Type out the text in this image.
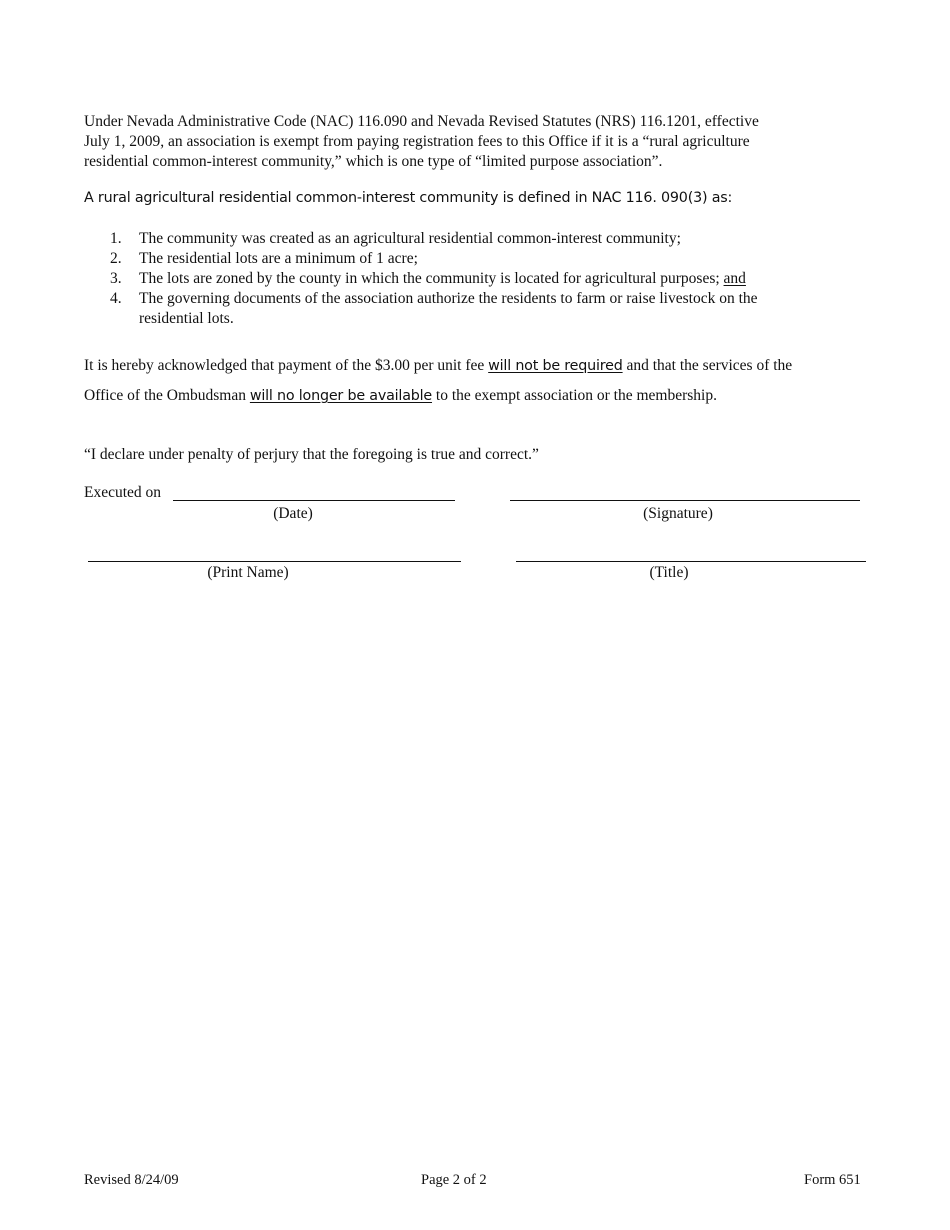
Under Nevada Administrative Code (NAC) 116.090 and Nevada Revised Statutes (NRS) 116.1201, effective
July 1, 2009, an association is exempt from paying registration fees to this Office if it is a “rural agriculture
residential common-interest community,” which is one type of “limited purpose association”.
A rural agricultural residential common-interest community is defined in NAC 116. 090(3) as:
1. The community was created as an agricultural residential common-interest community;
2. The residential lots are a minimum of 1 acre;
3. The lots are zoned by the county in which the community is located for agricultural purposes; and
4. The governing documents of the association authorize the residents to farm or raise livestock on the
residential lots.
It is hereby acknowledged that payment of the $3.00 per unit fee will not be required and that the services of the
Office of the Ombudsman will no longer be available to the exempt association or the membership.
“I declare under penalty of perjury that the foregoing is true and correct.”
Executed on
(Date)	(Signature)
(Print Name)	(Title)
Revised 8/24/09	Page 2 of 2	Form 651
